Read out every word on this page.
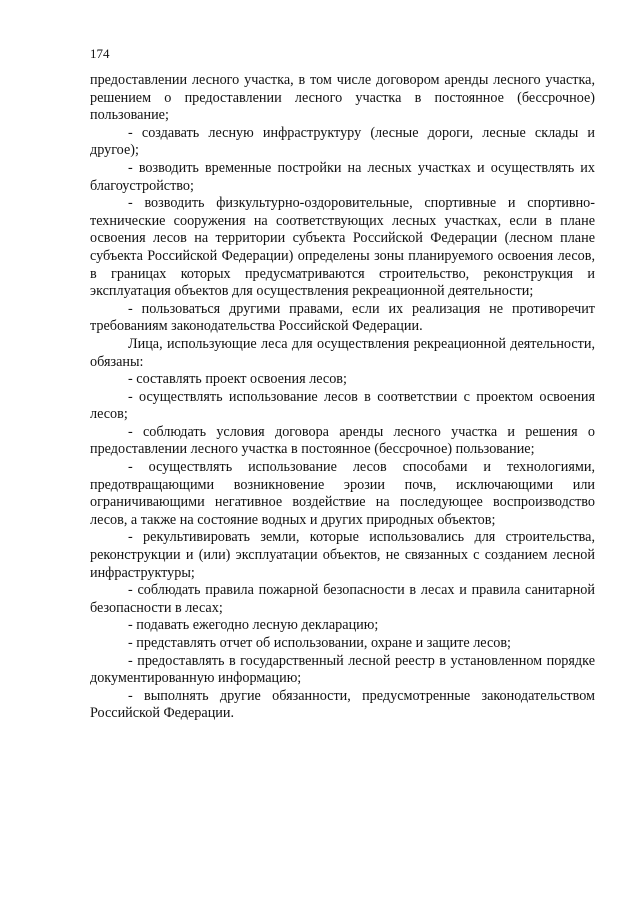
174

предоставлении лесного участка, в том числе договором аренды лесного участка, решением о предоставлении лесного участка в постоянное (бессрочное) пользование;

- создавать лесную инфраструктуру (лесные дороги, лесные склады и другое);

- возводить временные постройки на лесных участках и осуществлять их благоустройство;

- возводить физкультурно-оздоровительные, спортивные и спортивно-технические сооружения на соответствующих лесных участках, если в плане освоения лесов на территории субъекта Российской Федерации (лесном плане субъекта Российской Федерации) определены зоны планируемого освоения лесов, в границах которых предусматриваются строительство, реконструкция и эксплуатация объектов для осуществления рекреационной деятельности;

- пользоваться другими правами, если их реализация не противоречит требованиям законодательства Российской Федерации.

Лица, использующие леса для осуществления рекреационной деятельности, обязаны:

- составлять проект освоения лесов;

- осуществлять использование лесов в соответствии с проектом освоения лесов;

- соблюдать условия договора аренды лесного участка и решения о предоставлении лесного участка в постоянное (бессрочное) пользование;

- осуществлять использование лесов способами и технологиями, предотвращающими возникновение эрозии почв, исключающими или ограничивающими негативное воздействие на последующее воспроизводство лесов, а также на состояние водных и других природных объектов;

- рекультивировать земли, которые использовались для строительства, реконструкции и (или) эксплуатации объектов, не связанных с созданием лесной инфраструктуры;

- соблюдать правила пожарной безопасности в лесах и правила санитарной безопасности в лесах;

- подавать ежегодно лесную декларацию;

- представлять отчет об использовании, охране и защите лесов;

- предоставлять в государственный лесной реестр в установленном порядке документированную информацию;

- выполнять другие обязанности, предусмотренные законодательством Российской Федерации.
